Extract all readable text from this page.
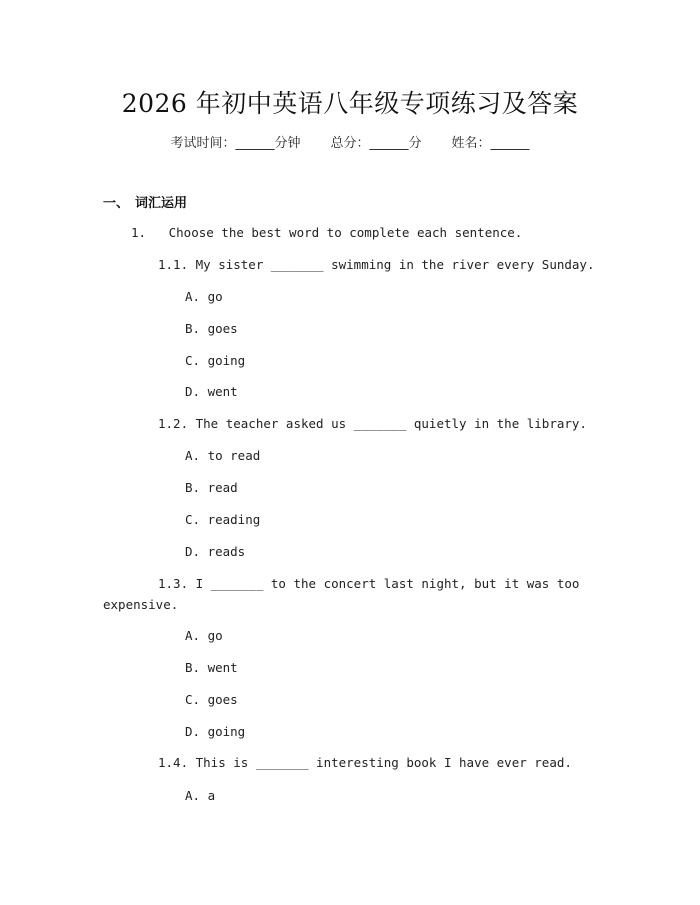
2026 年初中英语八年级专项练习及答案
考试时间：______分钟 总分：______分 姓名：______
一、 词汇运用
1.   Choose the best word to complete each sentence.
1.1. My sister _______ swimming in the river every Sunday.
A. go
B. goes
C. going
D. went
1.2. The teacher asked us _______ quietly in the library.
A. to read
B. read
C. reading
D. reads
1.3. I _______ to the concert last night, but it was too
expensive.
A. go
B. went
C. goes
D. going
1.4. This is _______ interesting book I have ever read.
A. a
